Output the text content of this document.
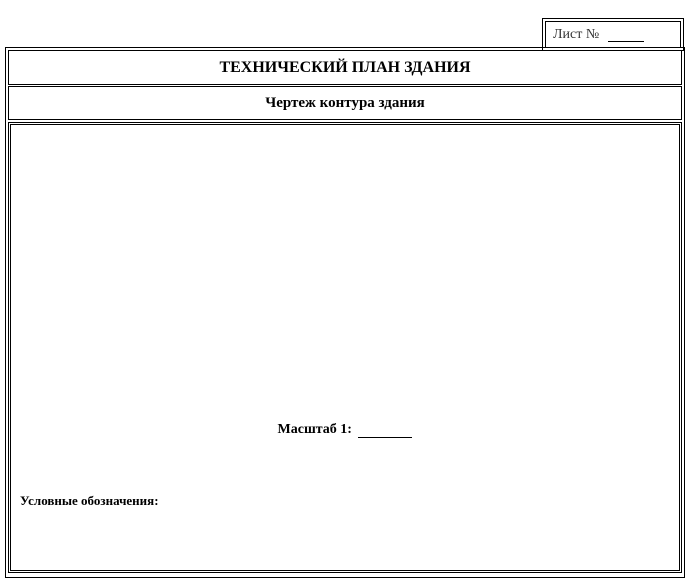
Лист №
ТЕХНИЧЕСКИЙ ПЛАН ЗДАНИЯ
Чертеж контура здания
Масштаб 1:
Условные обозначения:
